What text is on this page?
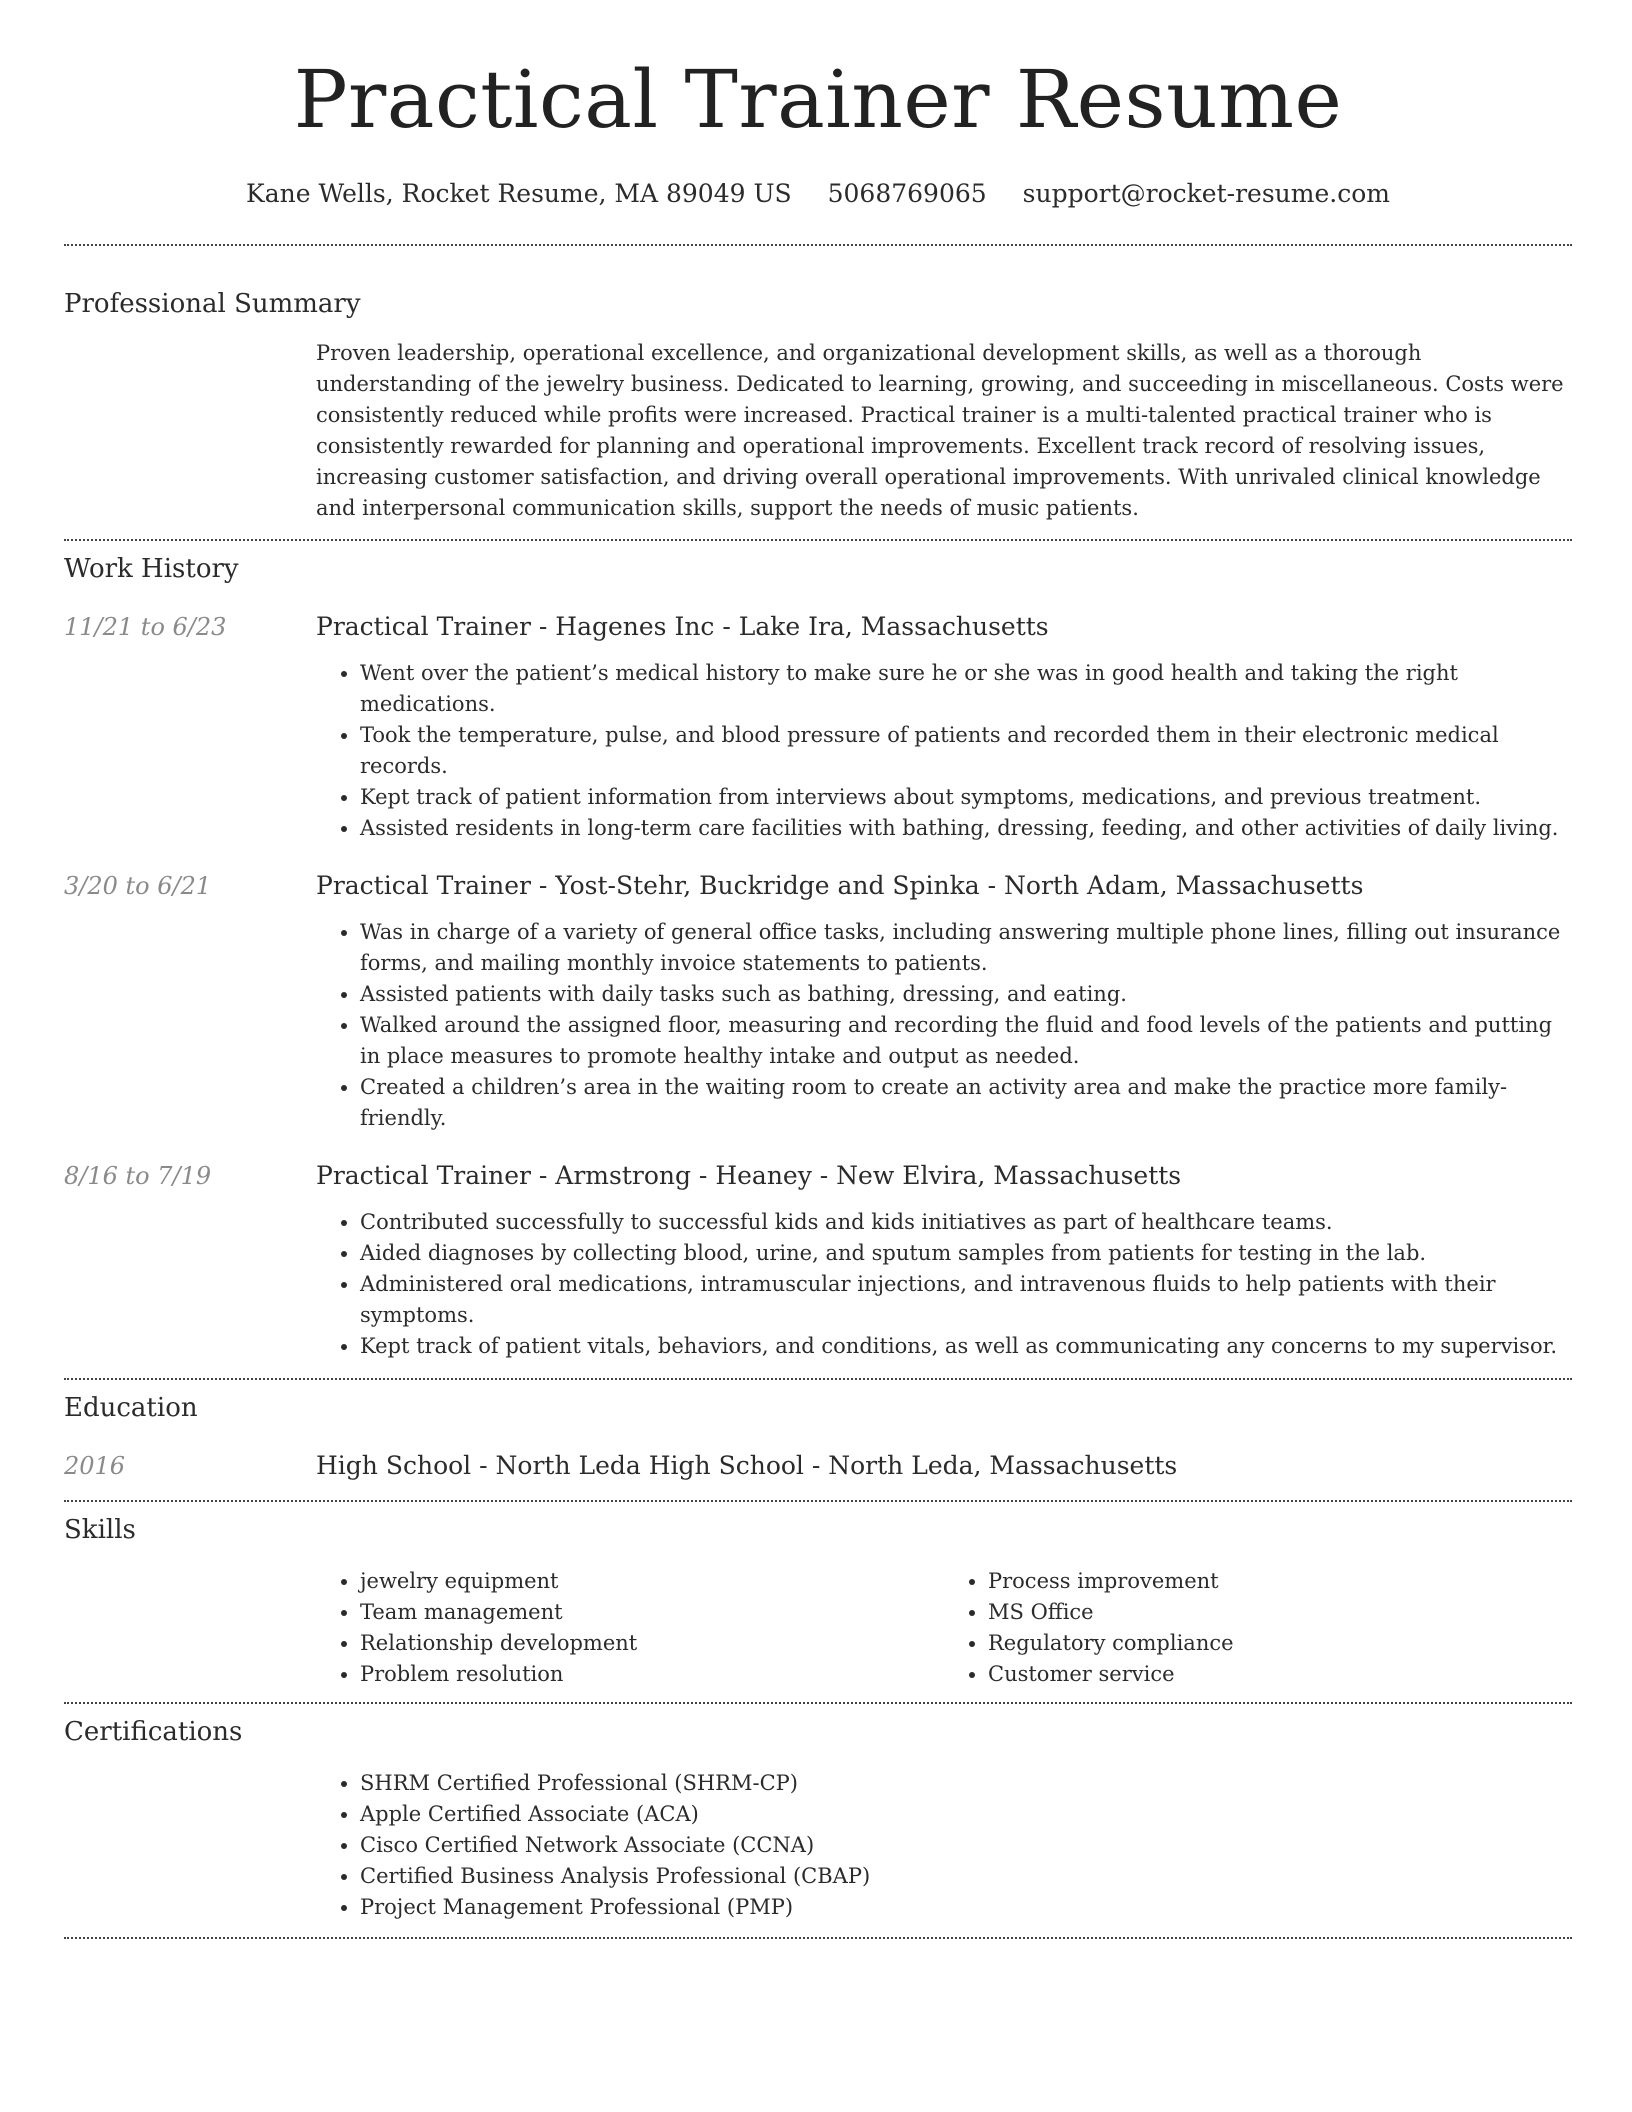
Practical Trainer Resume
Kane Wells, Rocket Resume, MA 89049 US 5068769065 support@rocket-resume.com
Professional Summary

Proven leadership, operational excellence, and organizational development skills, as well as a thorough understanding of the jewelry business. Dedicated to learning, growing, and succeeding in miscellaneous. Costs were consistently reduced while profits were increased. Practical trainer is a multi-talented practical trainer who is consistently rewarded for planning and operational improvements. Excellent track record of resolving issues, increasing customer satisfaction, and driving overall operational improvements. With unrivaled clinical knowledge and interpersonal communication skills, support the needs of music patients.

Work History
11/21 to 6/23	Practical Trainer - Hagenes Inc - Lake Ira, Massachusetts
• Went over the patient’s medical history to make sure he or she was in good health and taking the right medications.
• Took the temperature, pulse, and blood pressure of patients and recorded them in their electronic medical records.
• Kept track of patient information from interviews about symptoms, medications, and previous treatment.
• Assisted residents in long-term care facilities with bathing, dressing, feeding, and other activities of daily living.
3/20 to 6/21	Practical Trainer - Yost-Stehr, Buckridge and Spinka - North Adam, Massachusetts
• Was in charge of a variety of general office tasks, including answering multiple phone lines, filling out insurance forms, and mailing monthly invoice statements to patients.
• Assisted patients with daily tasks such as bathing, dressing, and eating.
• Walked around the assigned floor, measuring and recording the fluid and food levels of the patients and putting in place measures to promote healthy intake and output as needed.
• Created a children’s area in the waiting room to create an activity area and make the practice more family-friendly.
8/16 to 7/19	Practical Trainer - Armstrong - Heaney - New Elvira, Massachusetts
• Contributed successfully to successful kids and kids initiatives as part of healthcare teams.
• Aided diagnoses by collecting blood, urine, and sputum samples from patients for testing in the lab.
• Administered oral medications, intramuscular injections, and intravenous fluids to help patients with their symptoms.
• Kept track of patient vitals, behaviors, and conditions, as well as communicating any concerns to my supervisor.
Education
2016	High School - North Leda High School - North Leda, Massachusetts
Skills
• jewelry equipment
• Team management
• Relationship development
• Problem resolution
• Process improvement
• MS Office
• Regulatory compliance
• Customer service
Certifications
• SHRM Certified Professional (SHRM-CP)
• Apple Certified Associate (ACA)
• Cisco Certified Network Associate (CCNA)
• Certified Business Analysis Professional (CBAP)
• Project Management Professional (PMP)
